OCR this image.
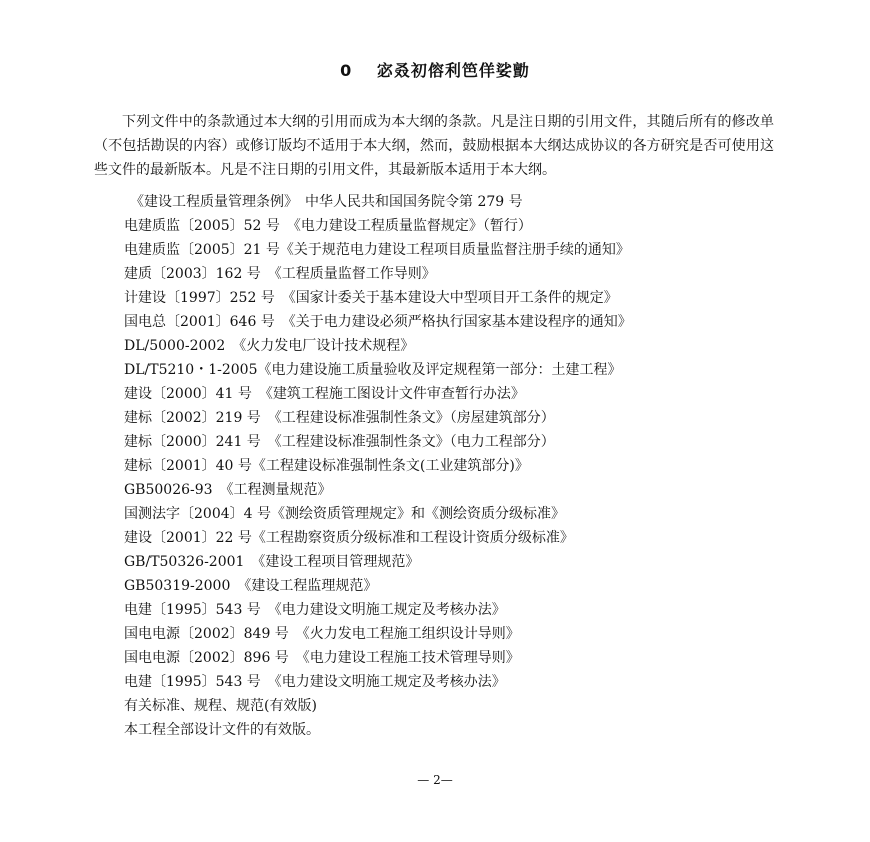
0 宓叒初傛利笆佯娑勯

下列文件中的条款通过本大纲的引用而成为本大纲的条款。凡是注日期的引用文件，其随后所有的修改单（不包括勘误的内容）或修订版均不适用于本大纲，然而，鼓励根据本大纲达成协议的各方研究是否可使用这些文件的最新版本。凡是不注日期的引用文件，其最新版本适用于本大纲。

《建设工程质量管理条例》　中华人民共和国国务院令第 279 号
电建质监〔2005〕52 号　《电力建设工程质量监督规定》（暂行）
电建质监〔2005〕21 号《关于规范电力建设工程项目质量监督注册手续的通知》
建质〔2003〕162 号　《工程质量监督工作导则》
计建设〔1997〕252 号　《国家计委关于基本建设大中型项目开工条件的规定》
国电总〔2001〕646 号　《关于电力建设必须严格执行国家基本建设程序的通知》
DL/5000-2002　《火力发电厂设计技术规程》
DL/T5210・1-2005《电力建设施工质量验收及评定规程第一部分：土建工程》
建设〔2000〕41 号　《建筑工程施工图设计文件审查暂行办法》
建标〔2002〕219 号　《工程建设标准强制性条文》（房屋建筑部分）
建标〔2000〕241 号　《工程建设标准强制性条文》（电力工程部分）
建标〔2001〕40 号《工程建设标准强制性条文(工业建筑部分)》
GB50026-93　《工程测量规范》
国测法字〔2004〕4 号《测绘资质管理规定》和《测绘资质分级标准》
建设〔2001〕22 号《工程勘察资质分级标准和工程设计资质分级标准》
GB/T50326-2001　《建设工程项目管理规范》
GB50319-2000　《建设工程监理规范》
电建〔1995〕543 号　《电力建设文明施工规定及考核办法》
国电电源〔2002〕849 号　《火力发电工程施工组织设计导则》
国电电源〔2002〕896 号　《电力建设工程施工技术管理导则》
电建〔1995〕543 号　《电力建设文明施工规定及考核办法》
有关标准、规程、规范(有效版)
本工程全部设计文件的有效版。
— 2—
